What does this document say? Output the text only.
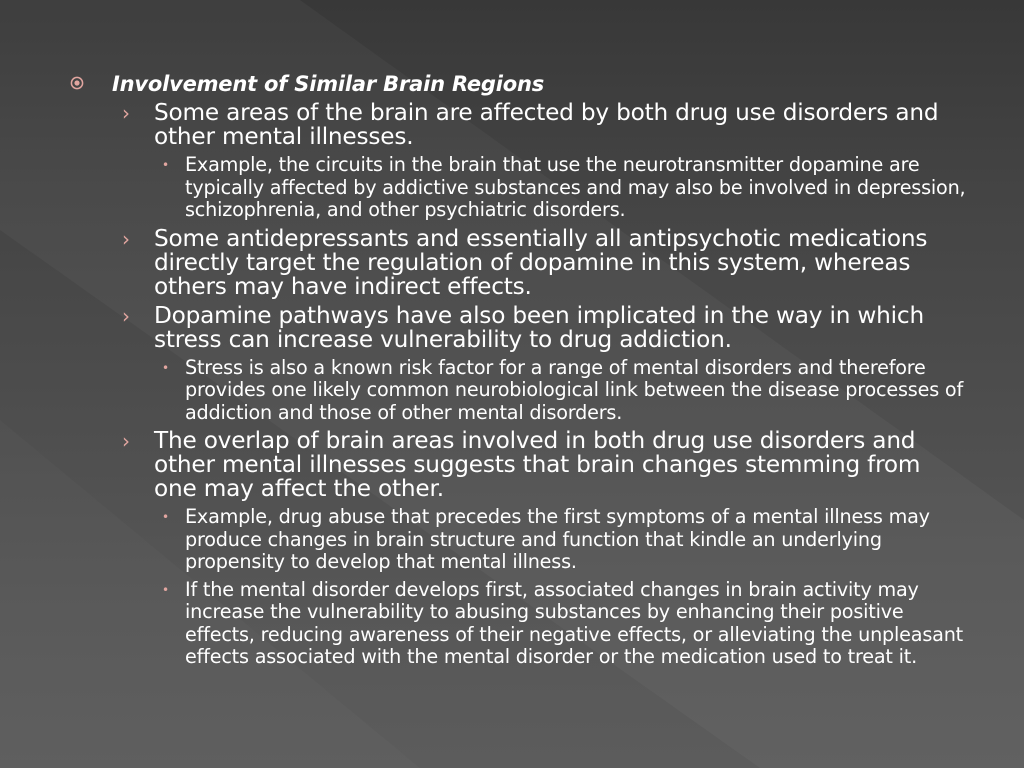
Involvement of Similar Brain Regions
› Some areas of the brain are affected by both drug use disorders and other mental illnesses.
• Example, the circuits in the brain that use the neurotransmitter dopamine are typically affected by addictive substances and may also be involved in depression, schizophrenia, and other psychiatric disorders.
› Some antidepressants and essentially all antipsychotic medications directly target the regulation of dopamine in this system, whereas others may have indirect effects.
› Dopamine pathways have also been implicated in the way in which stress can increase vulnerability to drug addiction.
• Stress is also a known risk factor for a range of mental disorders and therefore provides one likely common neurobiological link between the disease processes of addiction and those of other mental disorders.
› The overlap of brain areas involved in both drug use disorders and other mental illnesses suggests that brain changes stemming from one may affect the other.
• Example, drug abuse that precedes the first symptoms of a mental illness may produce changes in brain structure and function that kindle an underlying propensity to develop that mental illness.
• If the mental disorder develops first, associated changes in brain activity may increase the vulnerability to abusing substances by enhancing their positive effects, reducing awareness of their negative effects, or alleviating the unpleasant effects associated with the mental disorder or the medication used to treat it.
